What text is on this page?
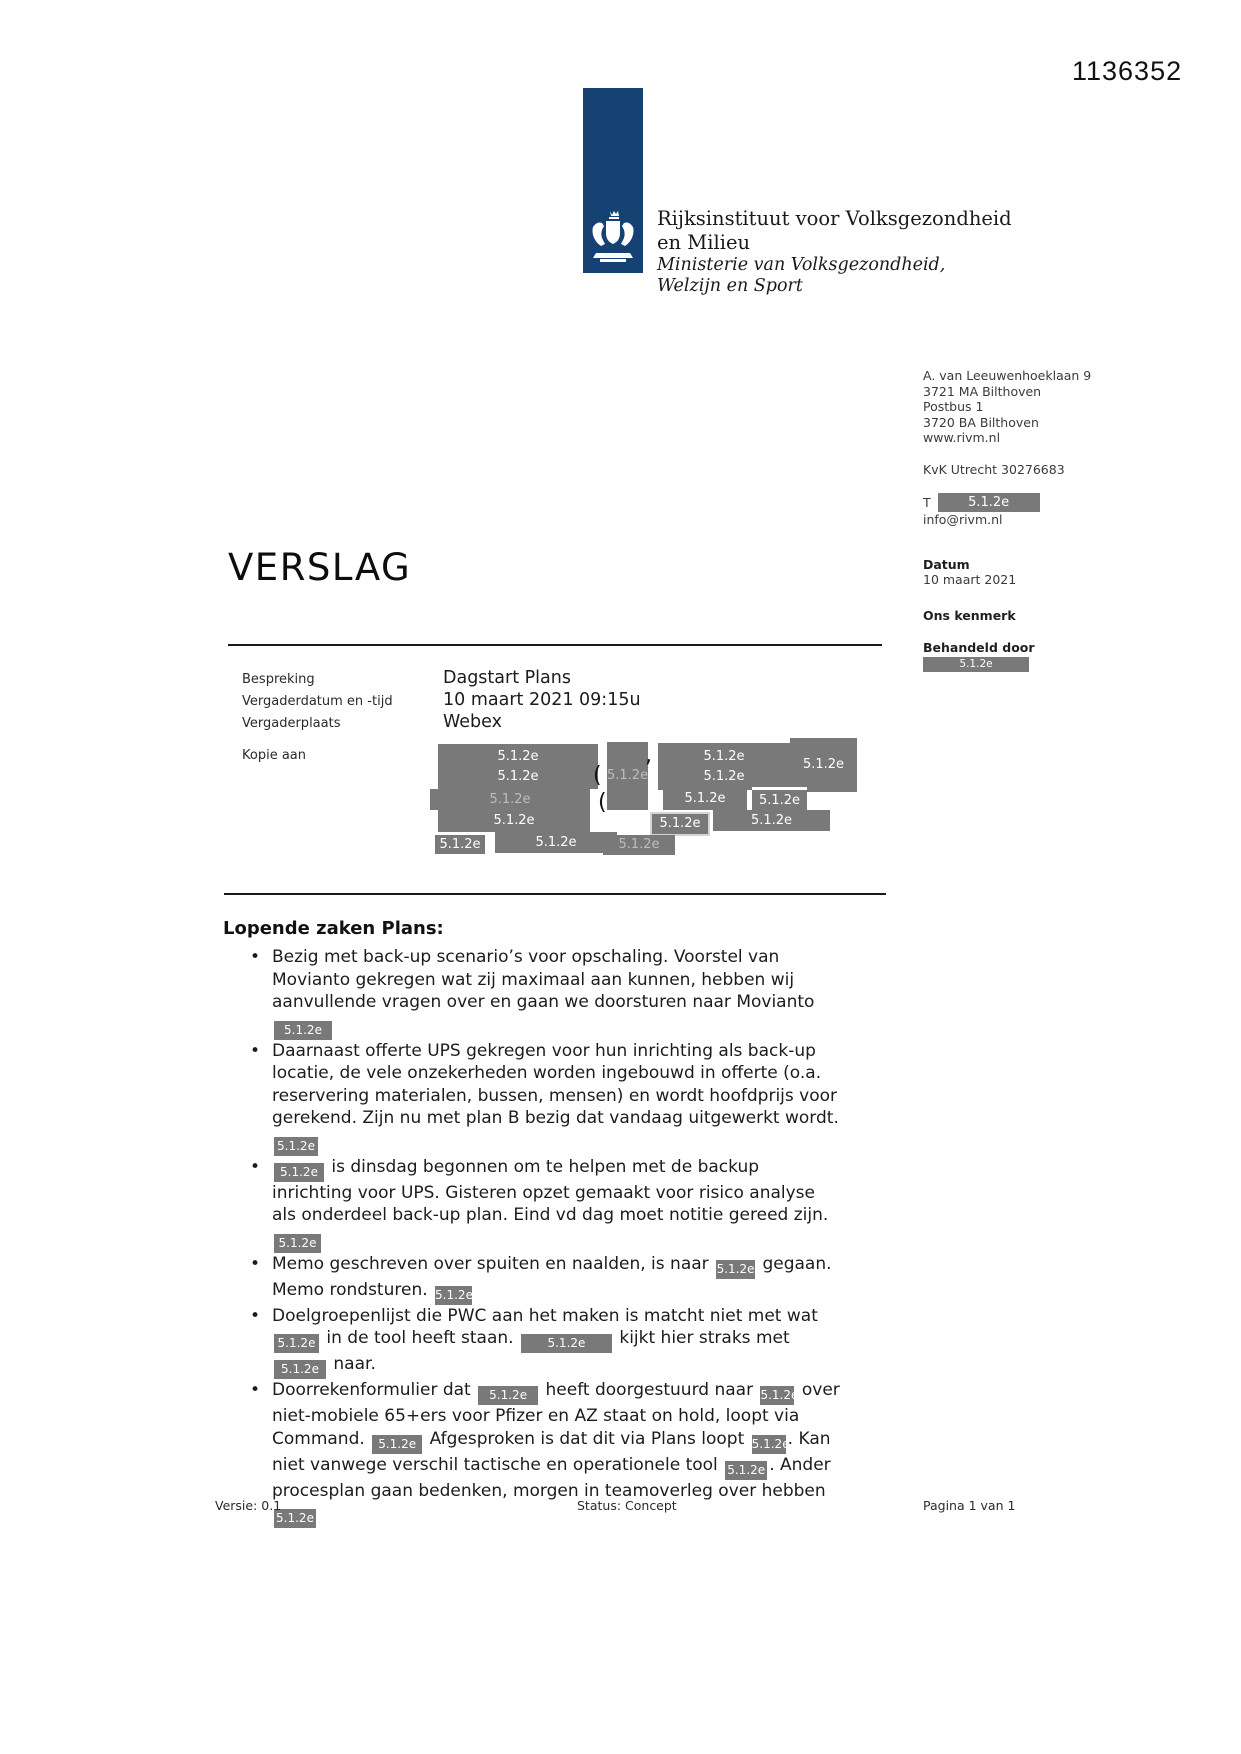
1136352
Rijksinstituut voor Volksgezondheid
en Milieu
Ministerie van Volksgezondheid,
Welzijn en Sport
A. van Leeuwenhoeklaan 9
3721 MA Bilthoven
Postbus 1
3720 BA Bilthoven
www.rivm.nl
KvK Utrecht 30276683
T	5.1.2e
info@rivm.nl
Datum
10 maart 2021
Ons kenmerk
Behandeld door
5.1.2e
VERSLAG
Bespreking	Dagstart Plans
Vergaderdatum en -tijd	10 maart 2021 09:15u
Vergaderplaats	Webex
Kopie aan	5.1.2e
5.1.2e	5.1.2e
5.1.2e
5.1.2e
5.1.2e
5.1.2e
5.1.2e
5.1.2e	5.1.2e
5.1.2e
5.1.2e
5.1.2e
5.1.2e	5.1.2e
(
(
,
Lopende zaken Plans:
• Bezig met back-up scenario’s voor opschaling. Voorstel van Movianto gekregen wat zij maximaal aan kunnen, hebben wij aanvullende vragen over en gaan we doorsturen naar Movianto
5.1.2e
• Daarnaast offerte UPS gekregen voor hun inrichting als back-up locatie, de vele onzekerheden worden ingebouwd in offerte (o.a. reservering materialen, bussen, mensen) en wordt hoofdprijs voor gerekend. Zijn nu met plan B bezig dat vandaag uitgewerkt wordt.
5.1.2e
• 5.1.2e is dinsdag begonnen om te helpen met de backup inrichting voor UPS. Gisteren opzet gemaakt voor risico analyse als onderdeel back-up plan. Eind vd dag moet notitie gereed zijn. 5.1.2e
• Memo geschreven over spuiten en naalden, is naar 5.1.2e gegaan. Memo rondsturen. 5.1.2e
• Doelgroepenlijst die PWC aan het maken is matcht niet met wat 5.1.2e in de tool heeft staan. 5.1.2e kijkt hier straks met 5.1.2e naar.
• Doorrekenformulier dat 5.1.2e heeft doorgestuurd naar 5.1.2e over niet-mobiele 65+ers voor Pfizer en AZ staat on hold, loopt via Command. 5.1.2e Afgesproken is dat dit via Plans loopt 5.1.2e. Kan niet vanwege verschil tactische en operationele tool 5.1.2e . Ander procesplan gaan bedenken, morgen in teamoverleg over hebben
5.1.2e
Versie: 0.1	Status: Concept	Pagina 1 van 1
